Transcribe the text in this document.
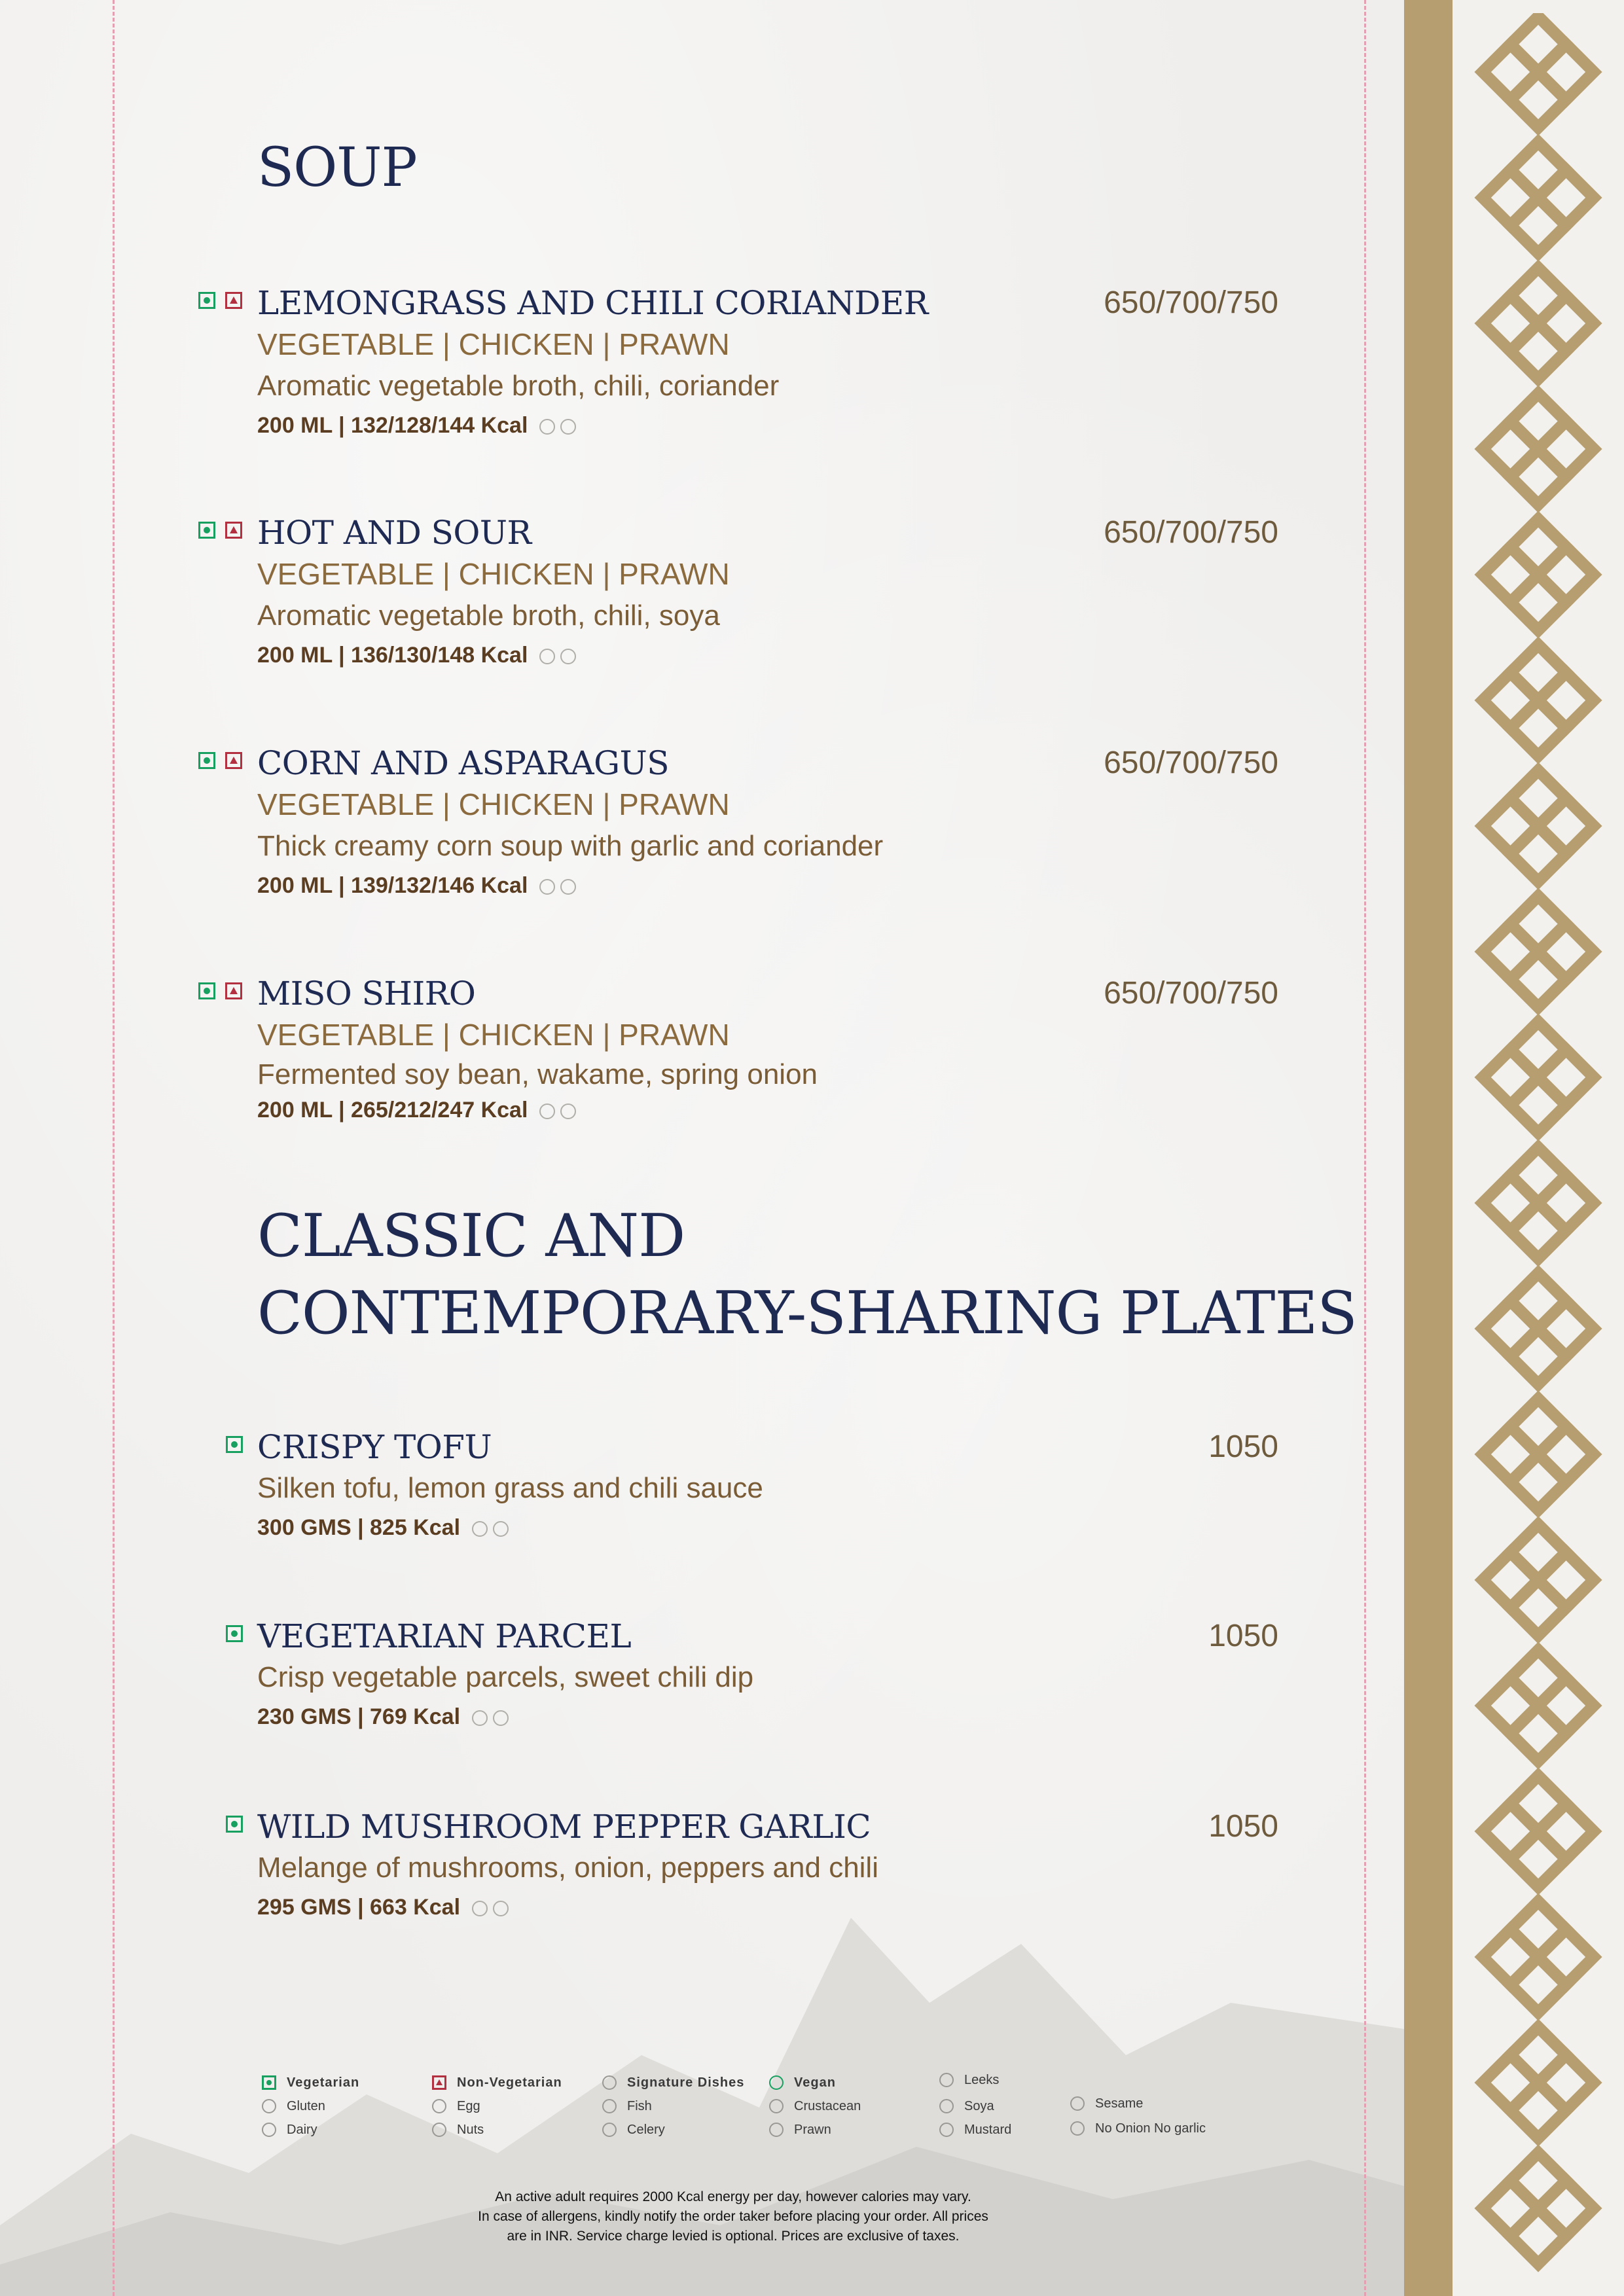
SOUP
LEMONGRASS AND CHILI CORIANDER	650/700/750
VEGETABLE | CHICKEN | PRAWN
Aromatic vegetable broth, chili, coriander
200 ML | 132/128/144 Kcal
HOT AND SOUR	650/700/750
VEGETABLE | CHICKEN | PRAWN
Aromatic vegetable broth, chili, soya
200 ML | 136/130/148 Kcal
CORN AND ASPARAGUS	650/700/750
VEGETABLE | CHICKEN | PRAWN
Thick creamy corn soup with garlic and coriander
200 ML | 139/132/146 Kcal
MISO SHIRO	650/700/750
VEGETABLE | CHICKEN | PRAWN
Fermented soy bean, wakame, spring onion
200 ML | 265/212/247 Kcal
CLASSIC AND
CONTEMPORARY-SHARING PLATES
CRISPY TOFU	1050
Silken tofu, lemon grass and chili sauce
300 GMS | 825 Kcal
VEGETARIAN PARCEL	1050
Crisp vegetable parcels, sweet chili dip
230 GMS | 769 Kcal
WILD MUSHROOM PEPPER GARLIC	1050
Melange of mushrooms, onion, peppers and chili
295 GMS | 663 Kcal
Vegetarian	Non-Vegetarian	Signature Dishes	Vegan	Leeks
Gluten	Egg	Fish	Crustacean	Soya	Sesame
Dairy	Nuts	Celery	Prawn	Mustard	No Onion No garlic
An active adult requires 2000 Kcal energy per day, however calories may vary.
In case of allergens, kindly notify the order taker before placing your order. All prices
are in INR. Service charge levied is optional. Prices are exclusive of taxes.
